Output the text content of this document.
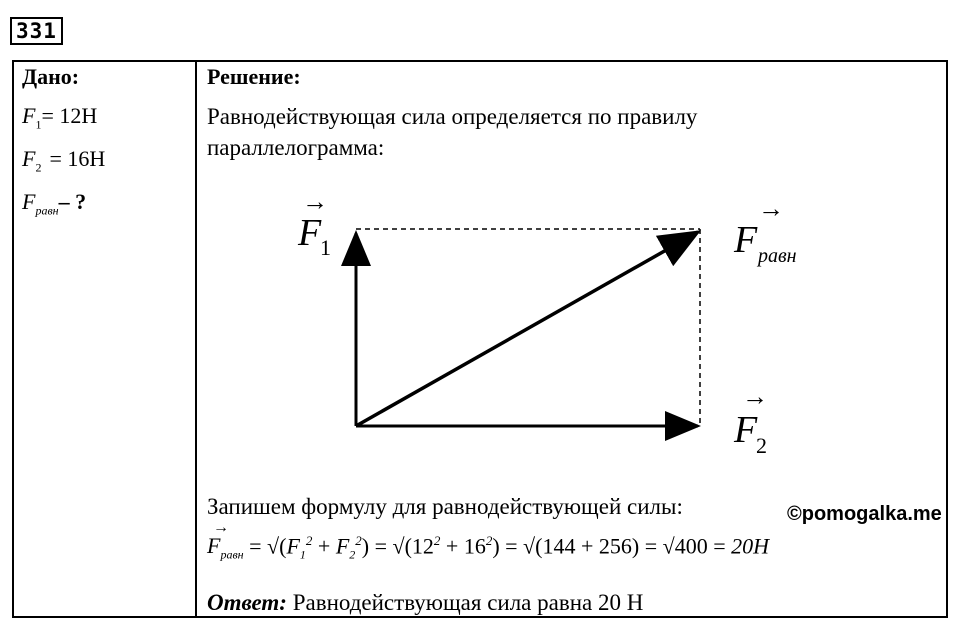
331
Дано:
$F_1= 12Н$
$F_2 = 16Н$
$F_{равн}-$ ?
Решение:
Равнодействующая сила определяется по правилу параллелограмма:
→
F
1
→
F равн
→
F
2
Запишем формулу для равнодействующей силы:	©pomogalka.me
→
$F_{равн} = √(F_1^2 + F_2^2) = √(12^2 + 16^2) = √(144 + 256) = √400 = 20H$
Ответ: Равнодействующая сила равна 20 Н
